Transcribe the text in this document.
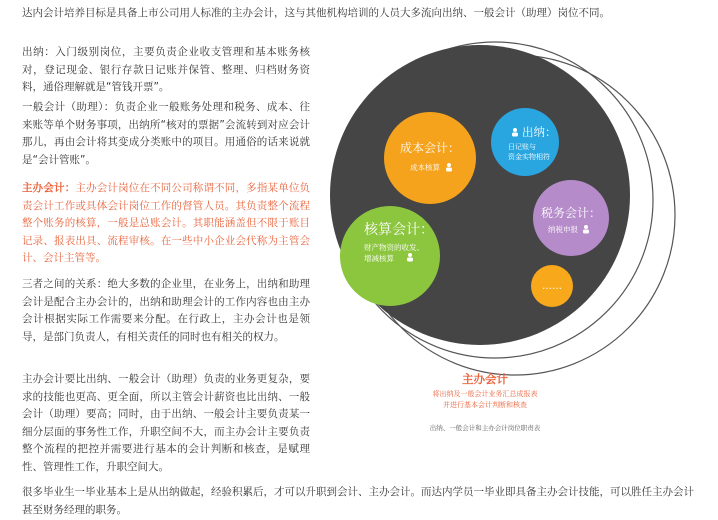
达内会计培养目标是具备上市公司用人标准的主办会计，这与其他机构培训的人员大多流向出纳、一般会计（助理）岗位不同。

出纳：入门级别岗位，主要负责企业收支管理和基本账务核对，登记现金、银行存款日记账并保管、整理、归档财务资料，通俗理解就是“管钱开票”。

一般会计（助理）：负责企业一般账务处理和税务、成本、往来账等单个财务事项，出纳所“核对的票据”会流转到对应会计那儿，再由会计将其变成分类账中的项目。用通俗的话来说就是“会计管账”。

主办会计：主办会计岗位在不同公司称谓不同，多指某单位负责会计工作或具体会计岗位工作的督管人员。其负责整个流程整个账务的核算，一般是总账会计。其职能涵盖但不限于账目记录、报表出具、流程审核。在一些中小企业会代称为主管会计、会计主管等。

三者之间的关系：绝大多数的企业里，在业务上，出纳和助理会计是配合主办会计的，出纳和助理会计的工作内容也由主办会计根据实际工作需要来分配。在行政上，主办会计也是领导，是部门负责人，有相关责任的同时也有相关的权力。

主办会计要比出纳、一般会计（助理）负责的业务更复杂，要求的技能也更高、更全面，所以主管会计薪资也比出纳、一般会计（助理）要高；同时，由于出纳、一般会计主要负责某一细分层面的事务性工作，升职空间不大，而主办会计主要负责整个流程的把控并需要进行基本的会计判断和核查，是赋理性、管理性工作，升职空间大。

很多毕业生一毕业基本上是从出纳做起，经验积累后，才可以升职到会计、主办会计。而达内学员一毕业即具备主办会计技能，可以胜任主办会计甚至财务经理的职务。

成本会计：
成本核算
出纳：
日记账与
资金实物相符
税务会计：
纳税申报
核算会计：
财产物资的收发、
增减核算
……
主办会计
将出纳及一般会计业务汇总成报表
并进行基本会计判断和核查
出纳、一般会计和主办会计岗位职责表
